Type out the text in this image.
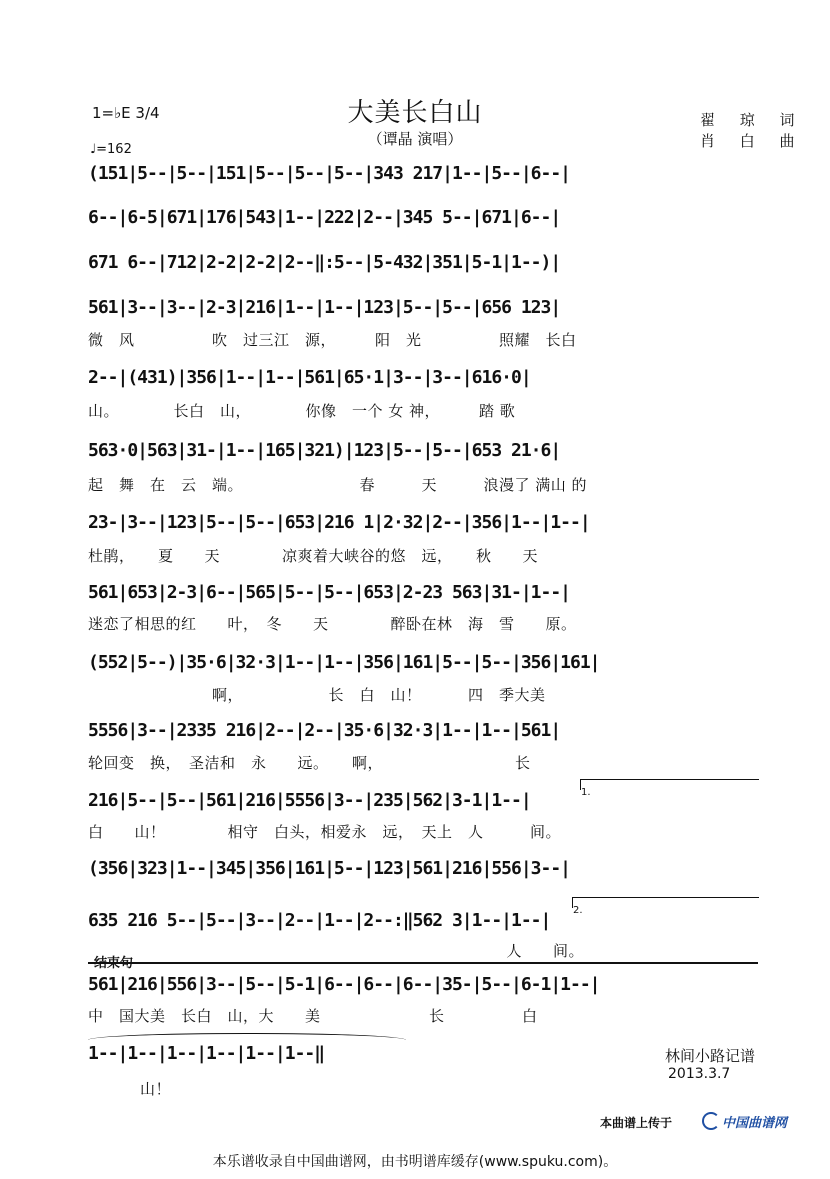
大美长白山
（谭晶 演唱）
翟 琼 词
肖 白 曲
1=♭E 3/4
♩=162
(151|5--|5--|151|5--|5--|5--|343 217|1--|5--|6--|
6--|6-5|671|176|543|1--|222|2--|345 5--|671|6--|
671 6--|712|2-2|2-2|2--‖:5--|5-432|351|5-1|1--)|
561|3--|3--|2-3|216|1--|1--|123|5--|5--|656 123|
微　风　　　　　吹　过三江　源，　　　阳　光　　　　　照耀　长白
2--|(431)|356|1--|1--|561|65·1|3--|3--|616·0|
山。　　　　长白　山，　　　　你像　一个 女 神，　　　踏 歌
563·0|563|31-|1--|165|321)|123|5--|5--|653 21·6|
起　舞　在　云　端。　　　　　　　　春　　　天　　　浪漫了 满山 的
23-|3--|123|5--|5--|653|216 1|2·32|2--|356|1--|1--|
杜鹃，　　夏　　天　　　　凉爽着大峡谷的悠　远，　　秋　　天
561|653|2-3|6--|565|5--|5--|653|2-23 563|31-|1--|
迷恋了相思的红　　叶，　冬　　天　　　　醉卧在林　海　雪　　原。
(552|5--)|35·6|32·3|1--|1--|356|161|5--|5--|356|161|
　　　　　　　　啊，　　　　　　长　白　山！　　　四　季大美
5556|3--|2335 216|2--|2--|35·6|32·3|1--|1--|561|
轮回变　换，　圣洁和　永　　远。　　啊，　　　　　　　　　长
1.
216|5--|5--|561|216|5556|3--|235|562|3-1|1--|
白　　山！　　　　相守　白头，相爱永　远，　天上　人　　　间。
(356|323|1--|345|356|161|5--|123|561|216|556|3--|
2.
635 216 5--|5--|3--|2--|1--|2--:‖562 3|1--|1--|
　　　　　　　　　　　　　　　　　　　　　　　　　　　人　　间。
结束句
561|216|556|3--|5--|5-1|6--|6--|6--|35-|5--|6-1|1--|
中　国大美　长白　山，大　　美　　　　　　　长　　　　　白
1--|1--|1--|1--|1--|1--‖
山！
林间小路记谱
2013.3.7
本曲谱上传于	中国曲谱网
本乐谱收录自中国曲谱网，由书明谱库缓存(www.spuku.com)。
